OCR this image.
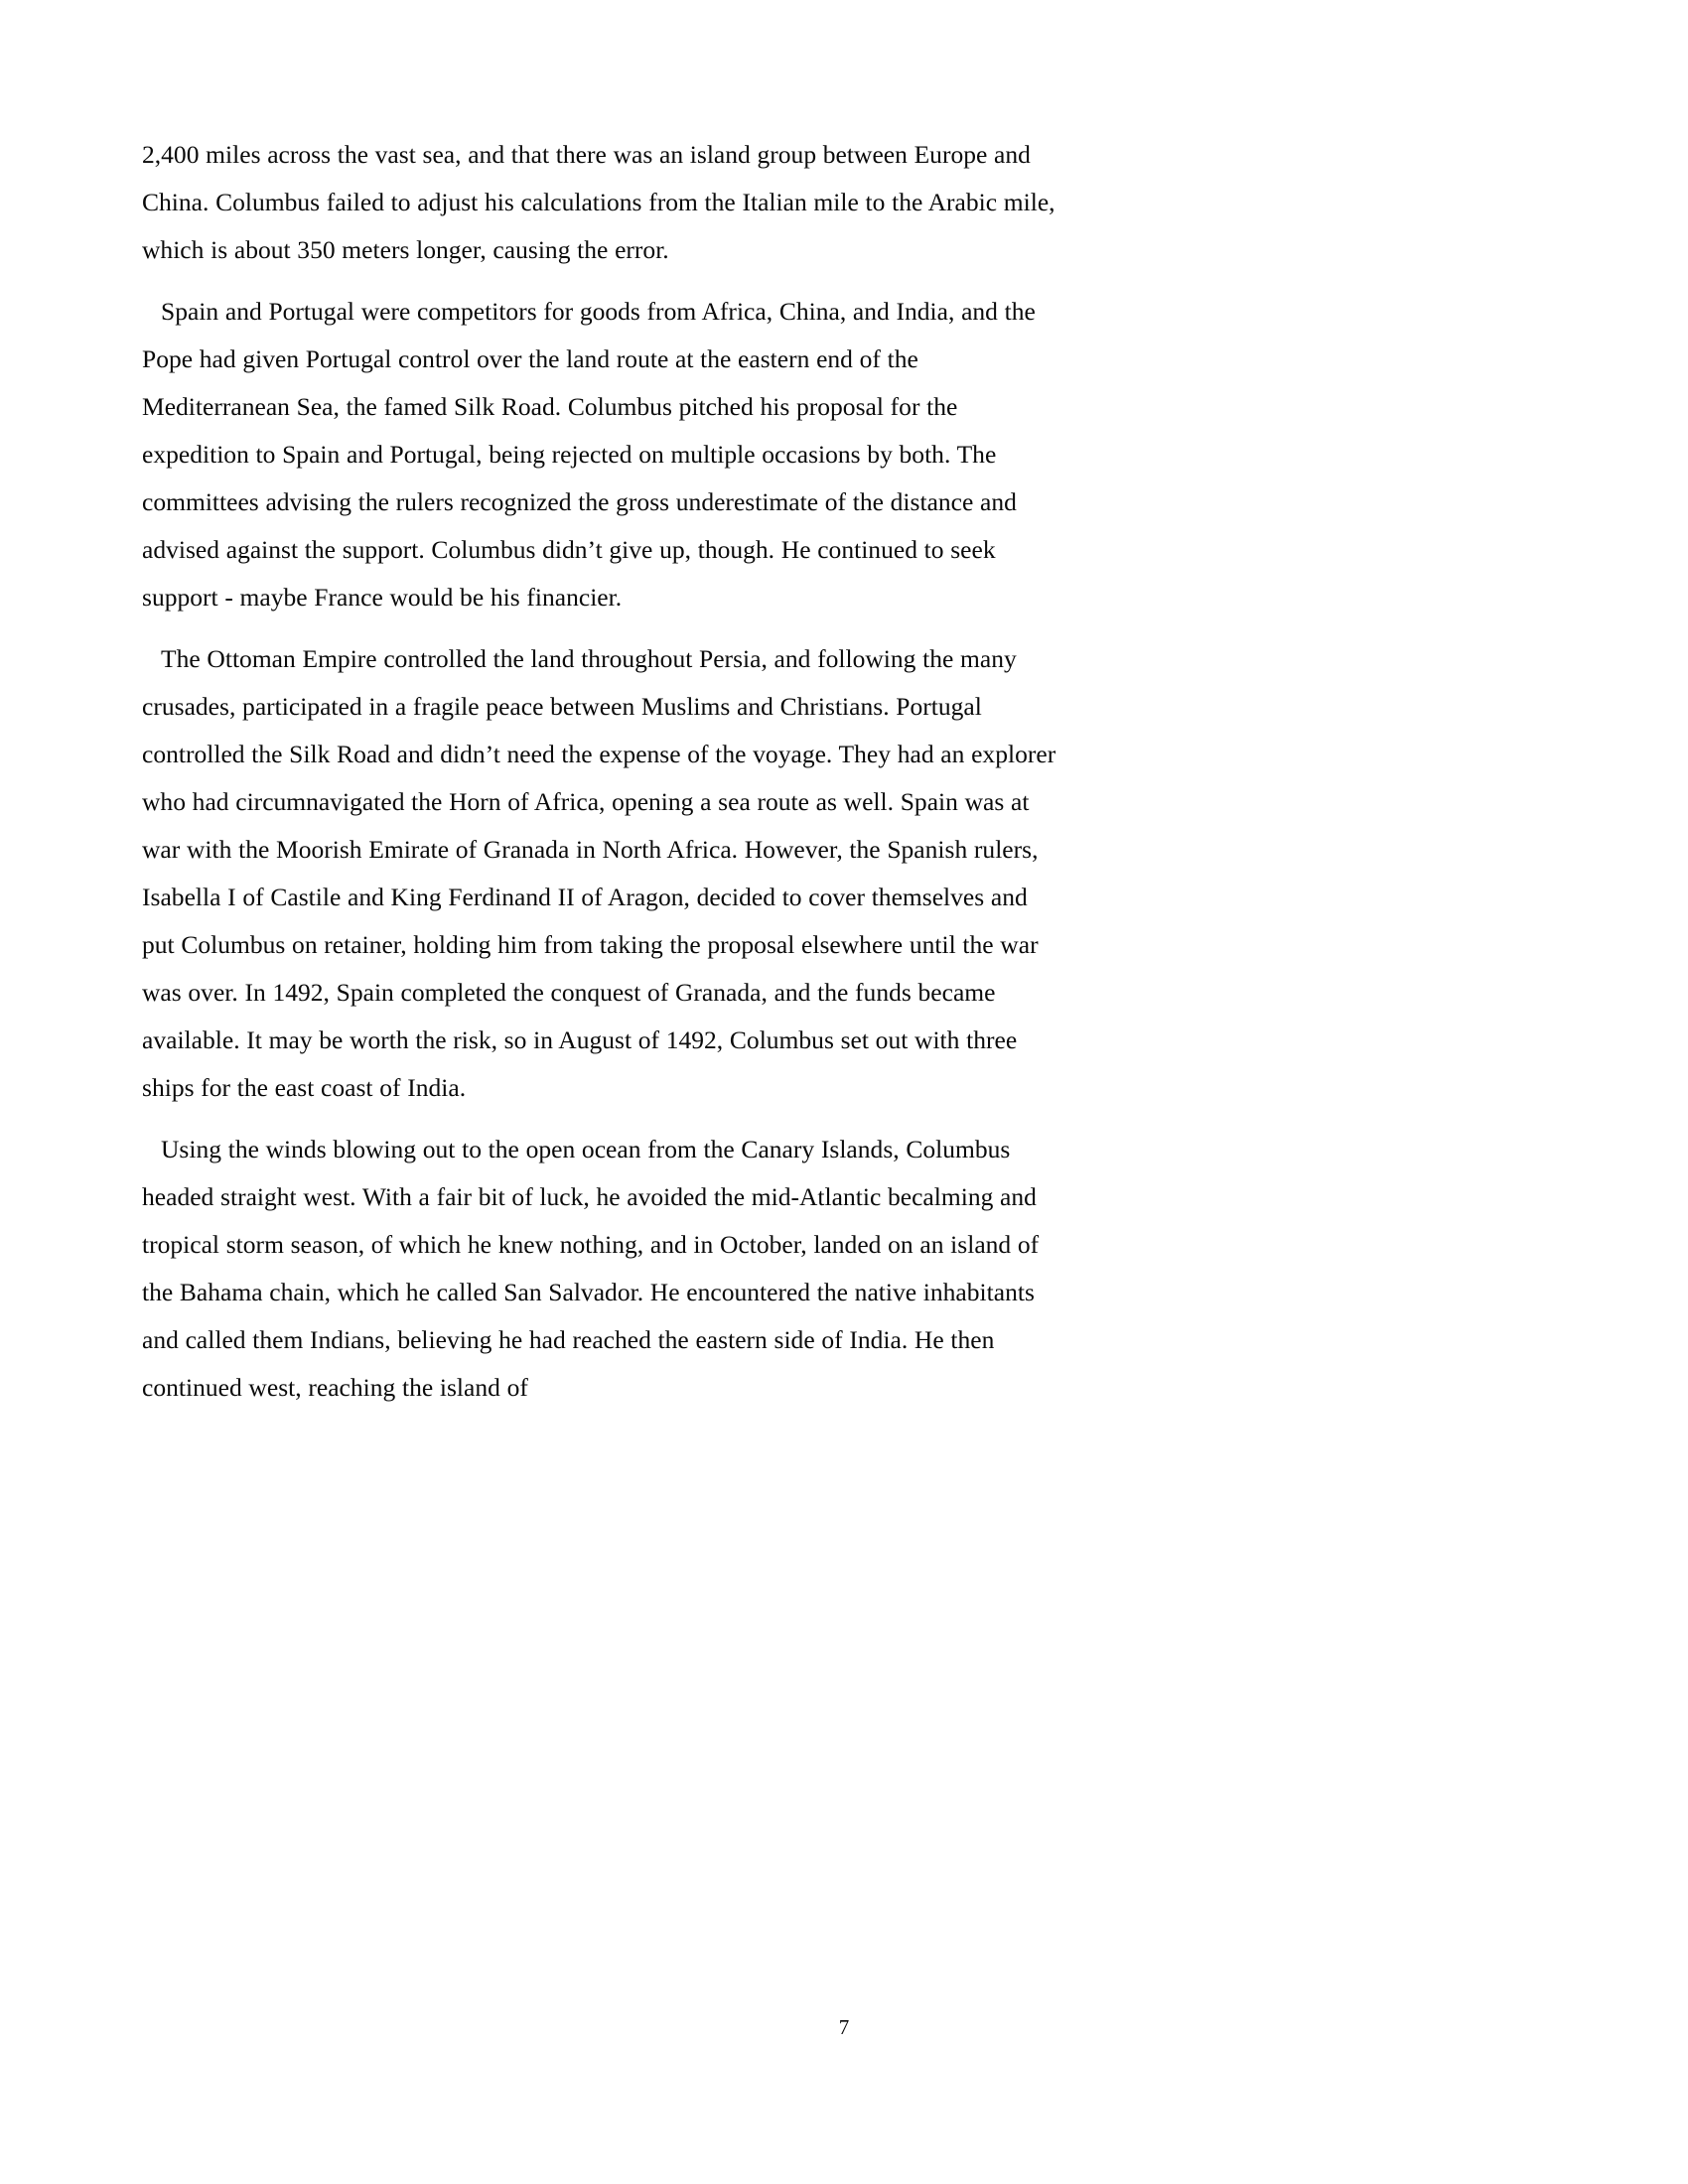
2,400 miles across the vast sea, and that there was an island group between Europe and China. Columbus failed to adjust his calculations from the Italian mile to the Arabic mile, which is about 350 meters longer, causing the error.

Spain and Portugal were competitors for goods from Africa, China, and India, and the Pope had given Portugal control over the land route at the eastern end of the Mediterranean Sea, the famed Silk Road. Columbus pitched his proposal for the expedition to Spain and Portugal, being rejected on multiple occasions by both. The committees advising the rulers recognized the gross underestimate of the distance and advised against the support. Columbus didn’t give up, though. He continued to seek support - maybe France would be his financier.

The Ottoman Empire controlled the land throughout Persia, and following the many crusades, participated in a fragile peace between Muslims and Christians. Portugal controlled the Silk Road and didn’t need the expense of the voyage. They had an explorer who had circumnavigated the Horn of Africa, opening a sea route as well. Spain was at war with the Moorish Emirate of Granada in North Africa. However, the Spanish rulers, Isabella I of Castile and King Ferdinand II of Aragon, decided to cover themselves and put Columbus on retainer, holding him from taking the proposal elsewhere until the war was over. In 1492, Spain completed the conquest of Granada, and the funds became available. It may be worth the risk, so in August of 1492, Columbus set out with three ships for the east coast of India.

Using the winds blowing out to the open ocean from the Canary Islands, Columbus headed straight west. With a fair bit of luck, he avoided the mid-Atlantic becalming and tropical storm season, of which he knew nothing, and in October, landed on an island of the Bahama chain, which he called San Salvador. He encountered the native inhabitants and called them Indians, believing he had reached the eastern side of India. He then continued west, reaching the island of

7
